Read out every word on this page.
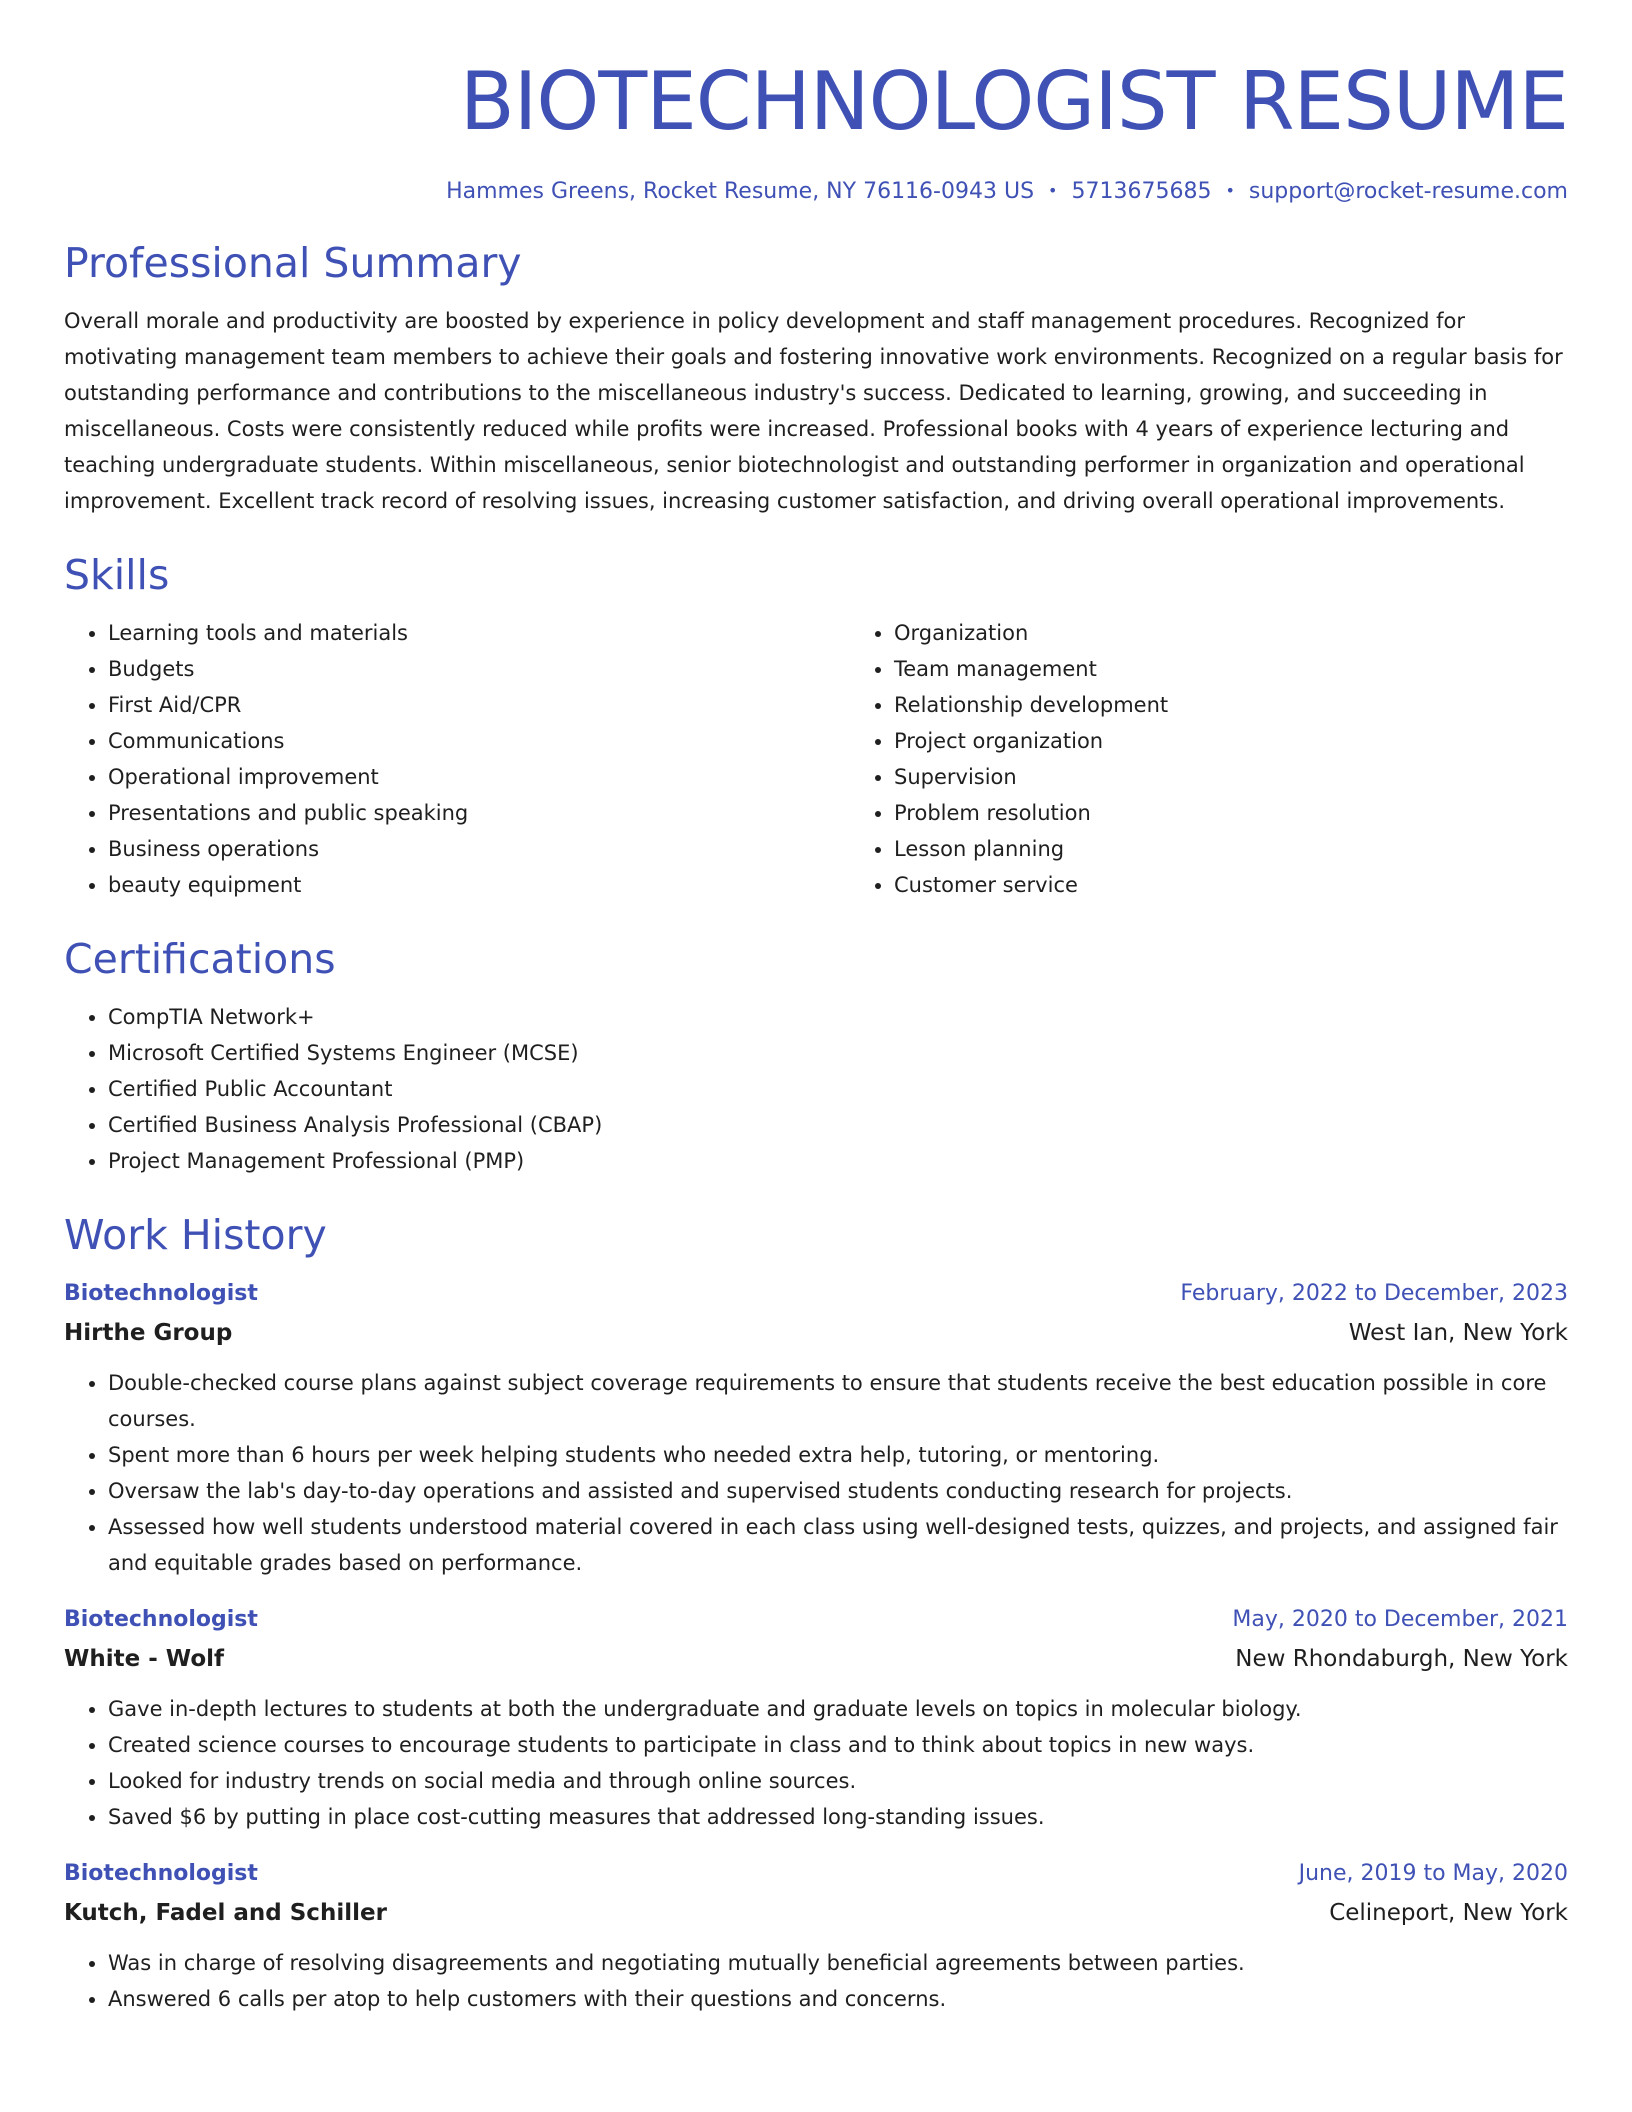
BIOTECHNOLOGIST RESUME
Hammes Greens, Rocket Resume, NY 76116-0943 US • 5713675685 • support@rocket-resume.com
Professional Summary

Overall morale and productivity are boosted by experience in policy development and staff management procedures. Recognized for motivating management team members to achieve their goals and fostering innovative work environments. Recognized on a regular basis for outstanding performance and contributions to the miscellaneous industry's success. Dedicated to learning, growing, and succeeding in miscellaneous. Costs were consistently reduced while profits were increased. Professional books with 4 years of experience lecturing and teaching undergraduate students. Within miscellaneous, senior biotechnologist and outstanding performer in organization and operational improvement. Excellent track record of resolving issues, increasing customer satisfaction, and driving overall operational improvements.

Skills
• Learning tools and materials
• Budgets
• First Aid/CPR
• Communications
• Operational improvement
• Presentations and public speaking
• Business operations
• beauty equipment
• Organization
• Team management
• Relationship development
• Project organization
• Supervision
• Problem resolution
• Lesson planning
• Customer service
Certifications
• CompTIA Network+
• Microsoft Certified Systems Engineer (MCSE)
• Certified Public Accountant
• Certified Business Analysis Professional (CBAP)
• Project Management Professional (PMP)
Work History
Biotechnologist	February, 2022 to December, 2023
Hirthe Group	West Ian, New York
• Double-checked course plans against subject coverage requirements to ensure that students receive the best education possible in core courses.
• Spent more than 6 hours per week helping students who needed extra help, tutoring, or mentoring.
• Oversaw the lab's day-to-day operations and assisted and supervised students conducting research for projects.
• Assessed how well students understood material covered in each class using well-designed tests, quizzes, and projects, and assigned fair and equitable grades based on performance.
Biotechnologist	May, 2020 to December, 2021
White - Wolf	New Rhondaburgh, New York
• Gave in-depth lectures to students at both the undergraduate and graduate levels on topics in molecular biology.
• Created science courses to encourage students to participate in class and to think about topics in new ways.
• Looked for industry trends on social media and through online sources.
• Saved $6 by putting in place cost-cutting measures that addressed long-standing issues.
Biotechnologist	June, 2019 to May, 2020
Kutch, Fadel and Schiller	Celineport, New York
• Was in charge of resolving disagreements and negotiating mutually beneficial agreements between parties.
• Answered 6 calls per atop to help customers with their questions and concerns.
